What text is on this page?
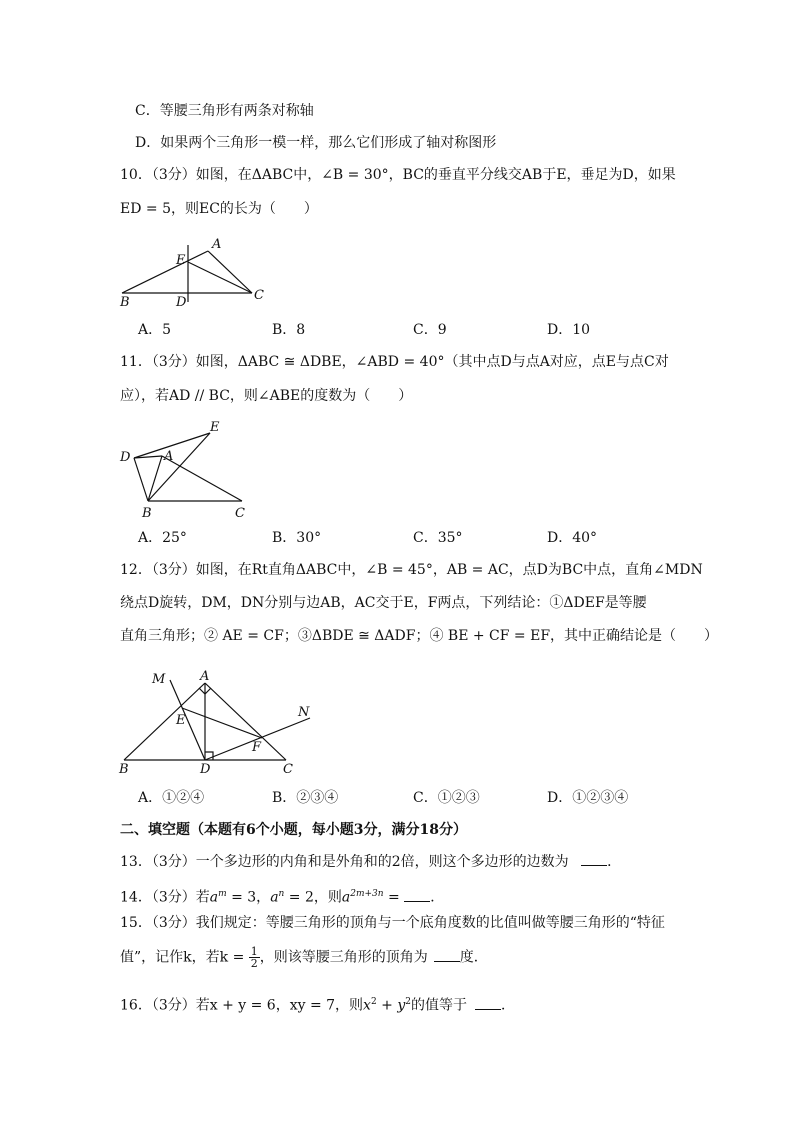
C．等腰三角形有两条对称轴
D．如果两个三角形一模一样，那么它们形成了轴对称图形
10．（3分）如图，在ΔABC中，∠B = 30°，BC的垂直平分线交AB于E，垂足为D，如果
ED = 5，则EC的长为（　　）
A
E
B	D	C
A．5	B．8	C．9	D．10
11．（3分）如图，ΔABC ≅ ΔDBE，∠ABD = 40°（其中点D与点A对应，点E与点C对
应），若AD // BC，则∠ABE的度数为（　　）
E
D	A
B	C
A．25°	B．30°	C．35°	D．40°
12．（3分）如图，在Rt直角ΔABC中，∠B = 45°，AB = AC，点D为BC中点，直角∠MDN
绕点D旋转，DM，DN分别与边AB，AC交于E，F两点，下列结论：①ΔDEF是等腰
直角三角形；② AE = CF；③ΔBDE ≅ ΔADF；④ BE + CF = EF，其中正确结论是（　　）
M	A
N
E
F
B	D	C
A．①②④	B．②③④	C．①②③	D．①②③④
二、填空题（本题有6个小题，每小题3分，满分18分）
13．（3分）一个多边形的内角和是外角和的2倍，则这个多边形的边数为	．
14．（3分）若$a^m = 3$，$a^n = 2$，则$a^{2m+3n}$ = ．
15．（3分）我们规定：等腰三角形的顶角与一个底角度数的比值叫做等腰三角形的“特征
值”，记作k，若$k = \frac{1}{2}$ ，则该等腰三角形的顶角为 度．
16．（3分）若x + y = 6，xy = 7，则$x^2 + y^2$的值等于 ．
